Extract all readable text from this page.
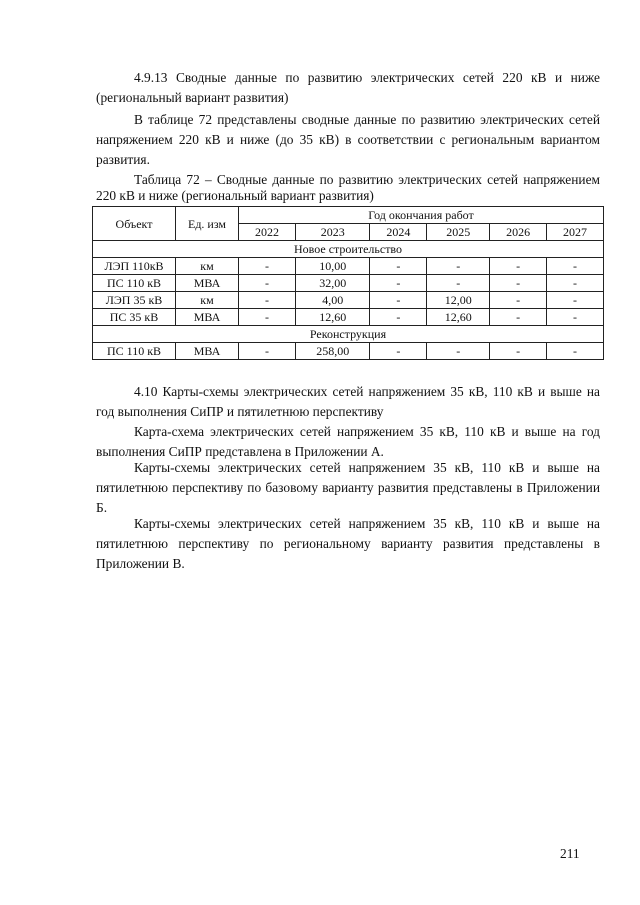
4.9.13 Сводные данные по развитию электрических сетей 220 кВ и ниже (региональный вариант развития)

В таблице 72 представлены сводные данные по развитию электрических сетей напряжением 220 кВ и ниже (до 35 кВ) в соответствии с региональным вариантом развития.

Таблица 72 – Сводные данные по развитию электрических сетей напряжением 220 кВ и ниже (региональный вариант развития)

Объект	Ед. изм	Год окончания работ					
		2022	2023	2024	2025	2026	2027
Новое строительство							
ЛЭП 110кВ	км	-	10,00	-	-	-	-
ПС 110 кВ	МВА	-	32,00	-	-	-	-
ЛЭП 35 кВ	км	-	4,00	-	12,00	-	-
ПС 35 кВ	МВА	-	12,60	-	12,60	-	-
Реконструкция							
ПС 110 кВ	МВА	-	258,00	-	-	-	-

4.10 Карты-схемы электрических сетей напряжением 35 кВ, 110 кВ и выше на год выполнения СиПР и пятилетнюю перспективу

Карта-схема электрических сетей напряжением 35 кВ, 110 кВ и выше на год выполнения СиПР представлена в Приложении А.

Карты-схемы электрических сетей напряжением 35 кВ, 110 кВ и выше на пятилетнюю перспективу по базовому варианту развития представлены в Приложении Б.

Карты-схемы электрических сетей напряжением 35 кВ, 110 кВ и выше на пятилетнюю перспективу по региональному варианту развития представлены в Приложении В.

211
